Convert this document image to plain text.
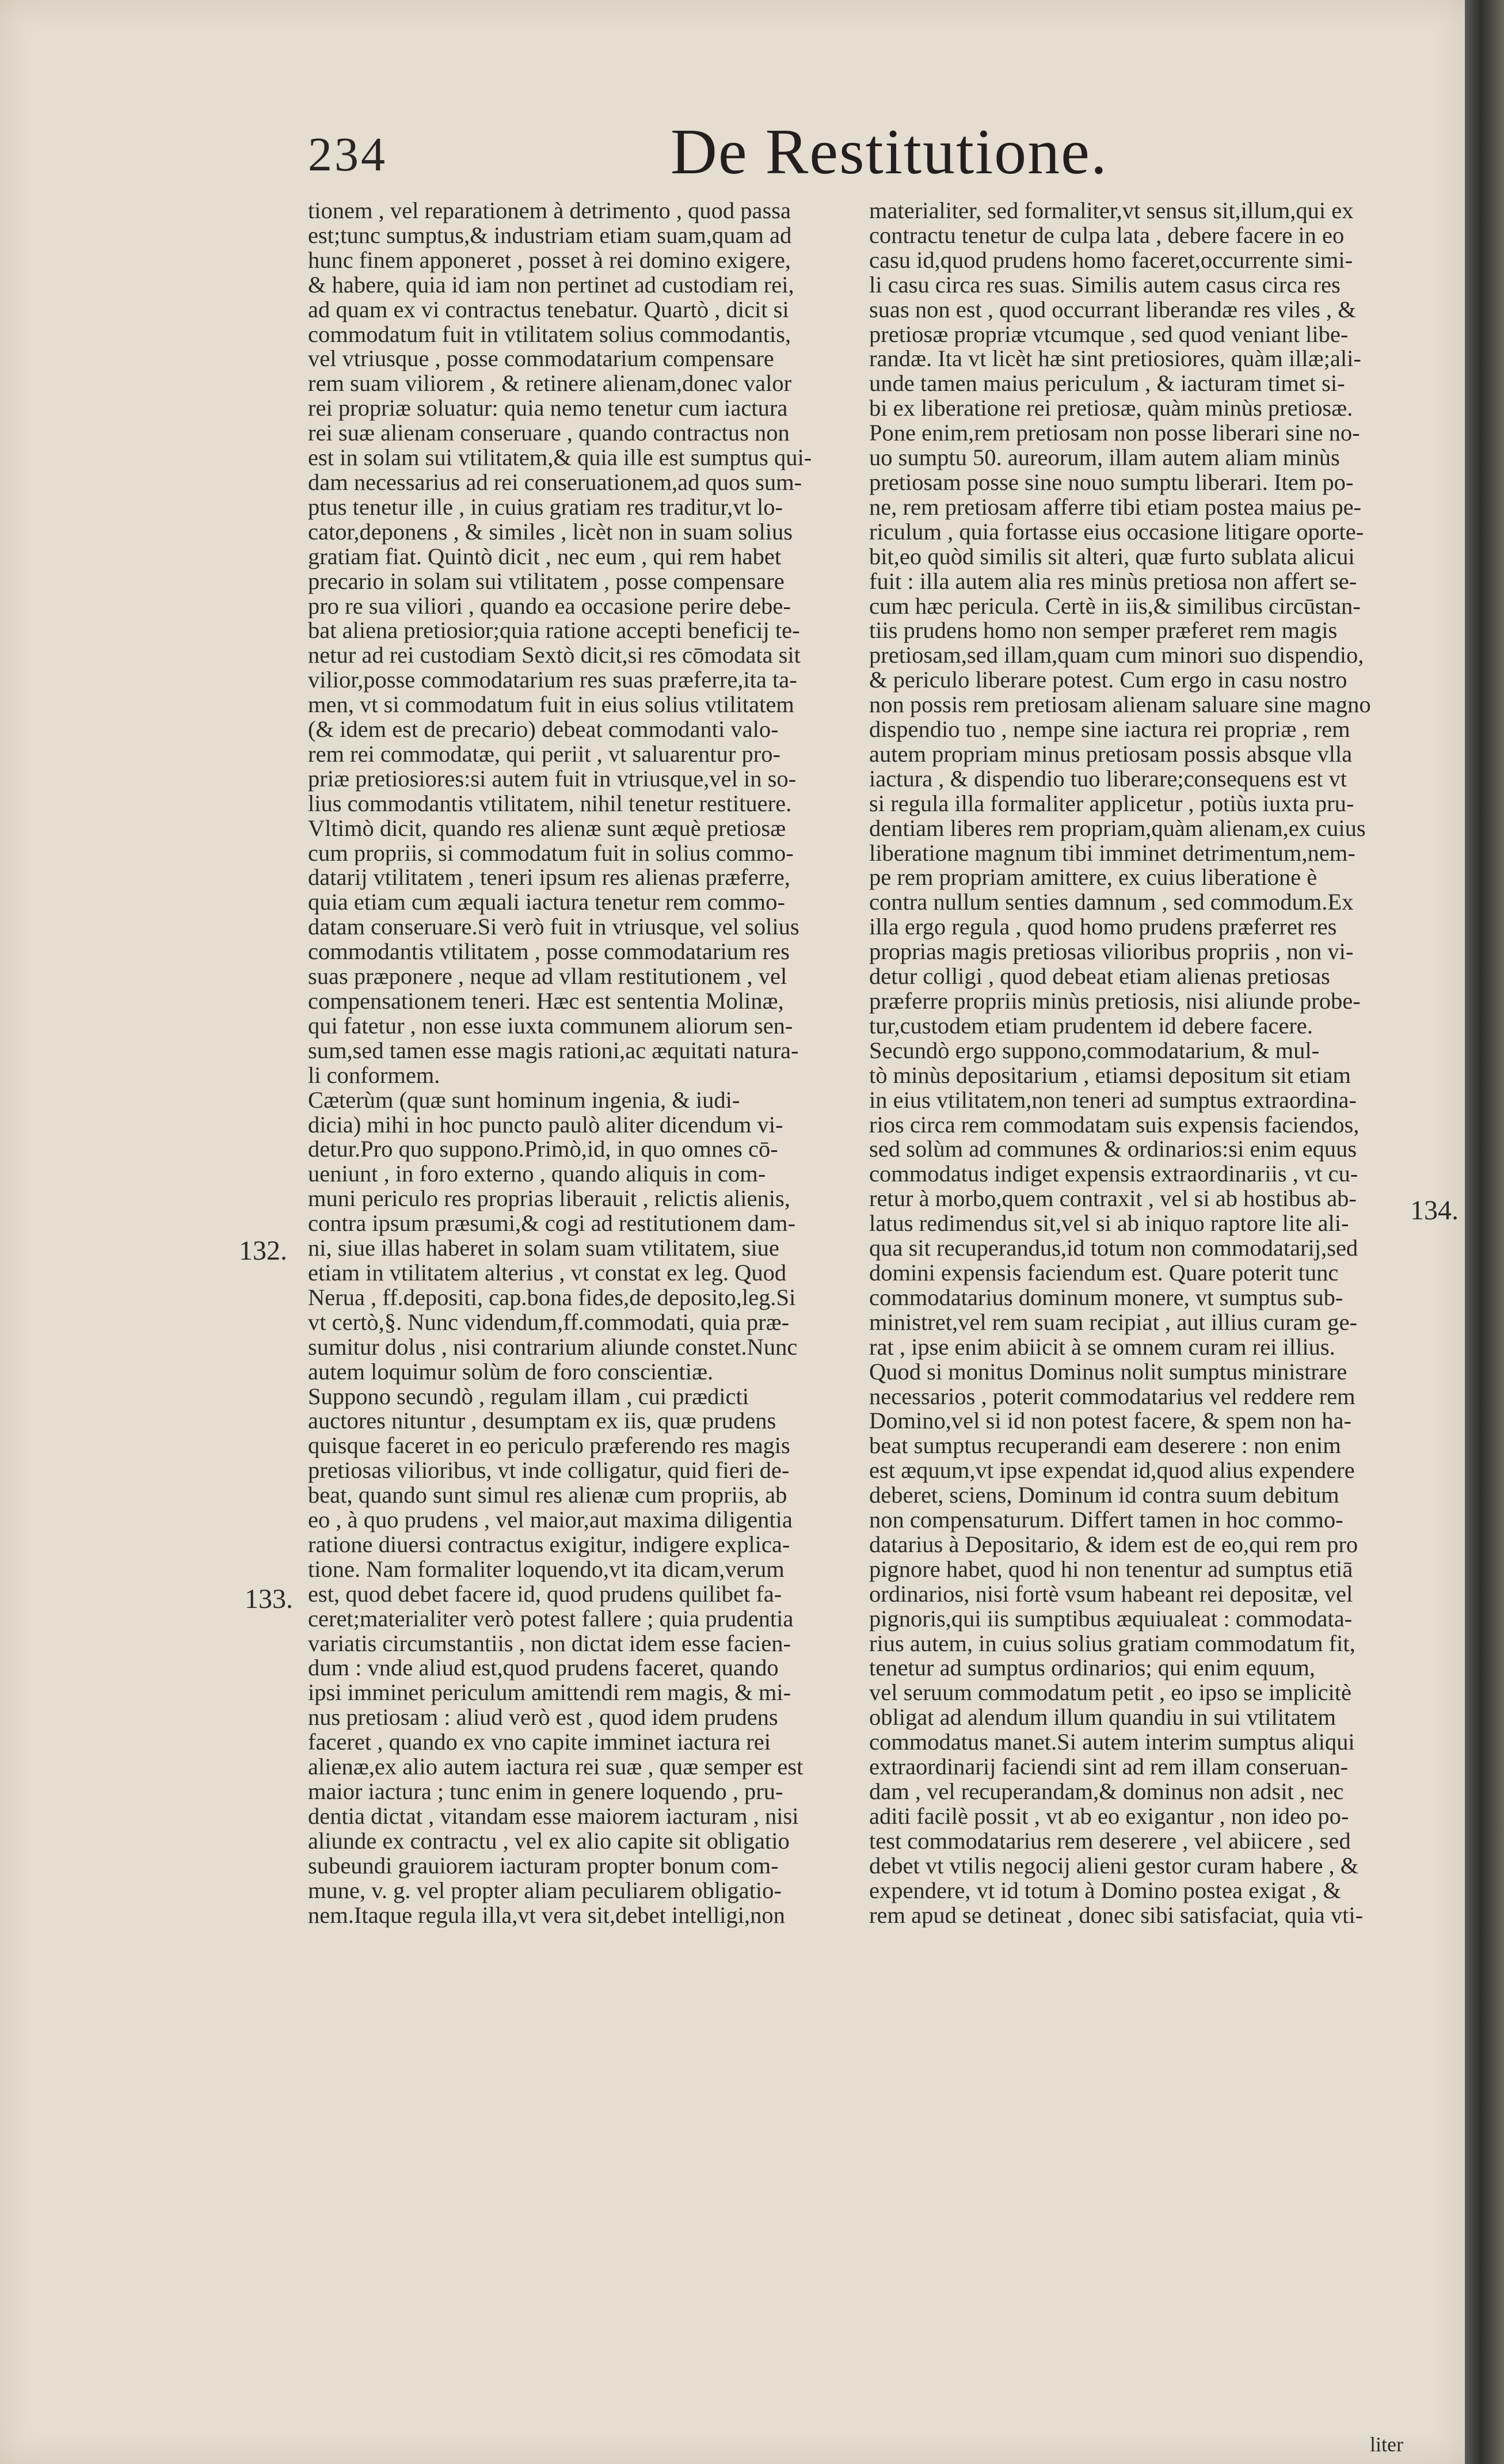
234	De Restitutione.
tionem , vel reparationem à detrimento , quod passa
est;tunc sumptus,& industriam etiam suam,quam ad
hunc finem apponeret , posset à rei domino exigere,
& habere, quia id iam non pertinet ad custodiam rei,
ad quam ex vi contractus tenebatur. Quartò , dicit si
commodatum fuit in vtilitatem solius commodantis,
vel vtriusque , posse commodatarium compensare
rem suam viliorem , & retinere alienam,donec valor
rei propriæ soluatur: quia nemo tenetur cum iactura
rei suæ alienam conseruare , quando contractus non
est in solam sui vtilitatem,& quia ille est sumptus qui-
dam necessarius ad rei conseruationem,ad quos sum-
ptus tenetur ille , in cuius gratiam res traditur,vt lo-
cator,deponens , & similes , licèt non in suam solius
gratiam fiat. Quintò dicit , nec eum , qui rem habet
precario in solam sui vtilitatem , posse compensare
pro re sua viliori , quando ea occasione perire debe-
bat aliena pretiosior;quia ratione accepti beneficij te-
netur ad rei custodiam Sextò dicit,si res cōmodata sit
vilior,posse commodatarium res suas præferre,ita ta-
men, vt si commodatum fuit in eius solius vtilitatem
(& idem est de precario) debeat commodanti valo-
rem rei commodatæ, qui periit , vt saluarentur pro-
priæ pretiosiores:si autem fuit in vtriusque,vel in so-
lius commodantis vtilitatem, nihil tenetur restituere.
Vltimò dicit, quando res alienæ sunt æquè pretiosæ
cum propriis, si commodatum fuit in solius commo-
datarij vtilitatem , teneri ipsum res alienas præferre,
quia etiam cum æquali iactura tenetur rem commo-
datam conseruare.Si verò fuit in vtriusque, vel solius
commodantis vtilitatem , posse commodatarium res
suas præponere , neque ad vllam restitutionem , vel
compensationem teneri. Hæc est sententia Molinæ,
qui fatetur , non esse iuxta communem aliorum sen-
sum,sed tamen esse magis rationi,ac æquitati natura-
li conformem.
Cæterùm (quæ sunt hominum ingenia, & iudi-
dicia) mihi in hoc puncto paulò aliter dicendum vi-
detur.Pro quo suppono.Primò,id, in quo omnes cō-
ueniunt , in foro externo , quando aliquis in com-
muni periculo res proprias liberauit , relictis alienis,
contra ipsum præsumi,& cogi ad restitutionem dam-
ni, siue illas haberet in solam suam vtilitatem, siue
etiam in vtilitatem alterius , vt constat ex leg. Quod
Nerua , ff.depositi, cap.bona fides,de deposito,leg.Si
vt certò,§. Nunc videndum,ff.commodati, quia præ-
sumitur dolus , nisi contrarium aliunde constet.Nunc
autem loquimur solùm de foro conscientiæ.
Suppono secundò , regulam illam , cui prædicti
auctores nituntur , desumptam ex iis, quæ prudens
quisque faceret in eo periculo præferendo res magis
pretiosas vilioribus, vt inde colligatur, quid fieri de-
beat, quando sunt simul res alienæ cum propriis, ab
eo , à quo prudens , vel maior,aut maxima diligentia
ratione diuersi contractus exigitur, indigere explica-
tione. Nam formaliter loquendo,vt ita dicam,verum
est, quod debet facere id, quod prudens quilibet fa-
ceret;materialiter verò potest fallere ; quia prudentia
variatis circumstantiis , non dictat idem esse facien-
dum : vnde aliud est,quod prudens faceret, quando
ipsi imminet periculum amittendi rem magis, & mi-
nus pretiosam : aliud verò est , quod idem prudens
faceret , quando ex vno capite imminet iactura rei
alienæ,ex alio autem iactura rei suæ , quæ semper est
maior iactura ; tunc enim in genere loquendo , pru-
dentia dictat , vitandam esse maiorem iacturam , nisi
aliunde ex contractu , vel ex alio capite sit obligatio
subeundi grauiorem iacturam propter bonum com-
mune, v. g. vel propter aliam peculiarem obligatio-
nem.Itaque regula illa,vt vera sit,debet intelligi,non
materialiter, sed formaliter,vt sensus sit,illum,qui ex
contractu tenetur de culpa lata , debere facere in eo
casu id,quod prudens homo faceret,occurrente simi-
li casu circa res suas. Similis autem casus circa res
suas non est , quod occurrant liberandæ res viles , &
pretiosæ propriæ vtcumque , sed quod veniant libe-
randæ. Ita vt licèt hæ sint pretiosiores, quàm illæ;ali-
unde tamen maius periculum , & iacturam timet si-
bi ex liberatione rei pretiosæ, quàm minùs pretiosæ.
Pone enim,rem pretiosam non posse liberari sine no-
uo sumptu 50. aureorum, illam autem aliam minùs
pretiosam posse sine nouo sumptu liberari. Item po-
ne, rem pretiosam afferre tibi etiam postea maius pe-
riculum , quia fortasse eius occasione litigare oporte-
bit,eo quòd similis sit alteri, quæ furto sublata alicui
fuit : illa autem alia res minùs pretiosa non affert se-
cum hæc pericula. Certè in iis,& similibus circūstan-
tiis prudens homo non semper præferet rem magis
pretiosam,sed illam,quam cum minori suo dispendio,
& periculo liberare potest. Cum ergo in casu nostro
non possis rem pretiosam alienam saluare sine magno
dispendio tuo , nempe sine iactura rei propriæ , rem
autem propriam minus pretiosam possis absque vlla
iactura , & dispendio tuo liberare;consequens est vt
si regula illa formaliter applicetur , potiùs iuxta pru-
dentiam liberes rem propriam,quàm alienam,ex cuius
liberatione magnum tibi imminet detrimentum,nem-
pe rem propriam amittere, ex cuius liberatione è
contra nullum senties damnum , sed commodum.Ex
illa ergo regula , quod homo prudens præferret res
proprias magis pretiosas vilioribus propriis , non vi-
detur colligi , quod debeat etiam alienas pretiosas
præferre propriis minùs pretiosis, nisi aliunde probe-
tur,custodem etiam prudentem id debere facere.
Secundò ergo suppono,commodatarium, & mul-
tò minùs depositarium , etiamsi depositum sit etiam
in eius vtilitatem,non teneri ad sumptus extraordina-
rios circa rem commodatam suis expensis faciendos,
sed solùm ad communes & ordinarios:si enim equus
commodatus indiget expensis extraordinariis , vt cu-
retur à morbo,quem contraxit , vel si ab hostibus ab-
latus redimendus sit,vel si ab iniquo raptore lite ali-
qua sit recuperandus,id totum non commodatarij,sed
domini expensis faciendum est. Quare poterit tunc
commodatarius dominum monere, vt sumptus sub-
ministret,vel rem suam recipiat , aut illius curam ge-
rat , ipse enim abiicit à se omnem curam rei illius.
Quod si monitus Dominus nolit sumptus ministrare
necessarios , poterit commodatarius vel reddere rem
Domino,vel si id non potest facere, & spem non ha-
beat sumptus recuperandi eam deserere : non enim
est æquum,vt ipse expendat id,quod alius expendere
deberet, sciens, Dominum id contra suum debitum
non compensaturum. Differt tamen in hoc commo-
datarius à Depositario, & idem est de eo,qui rem pro
pignore habet, quod hi non tenentur ad sumptus etiā
ordinarios, nisi fortè vsum habeant rei depositæ, vel
pignoris,qui iis sumptibus æquiualeat : commodata-
rius autem, in cuius solius gratiam commodatum fit,
tenetur ad sumptus ordinarios; qui enim equum,
vel seruum commodatum petit , eo ipso se implicitè
obligat ad alendum illum quandiu in sui vtilitatem
commodatus manet.Si autem interim sumptus aliqui
extraordinarij faciendi sint ad rem illam conseruan-
dam , vel recuperandam,& dominus non adsit , nec
aditi facilè possit , vt ab eo exigantur , non ideo po-
test commodatarius rem deserere , vel abiicere , sed
debet vt vtilis negocij alieni gestor curam habere , &
expendere, vt id totum à Domino postea exigat , &
rem apud se detineat , donec sibi satisfaciat, quia vti-
132.
133.
134.
liter
